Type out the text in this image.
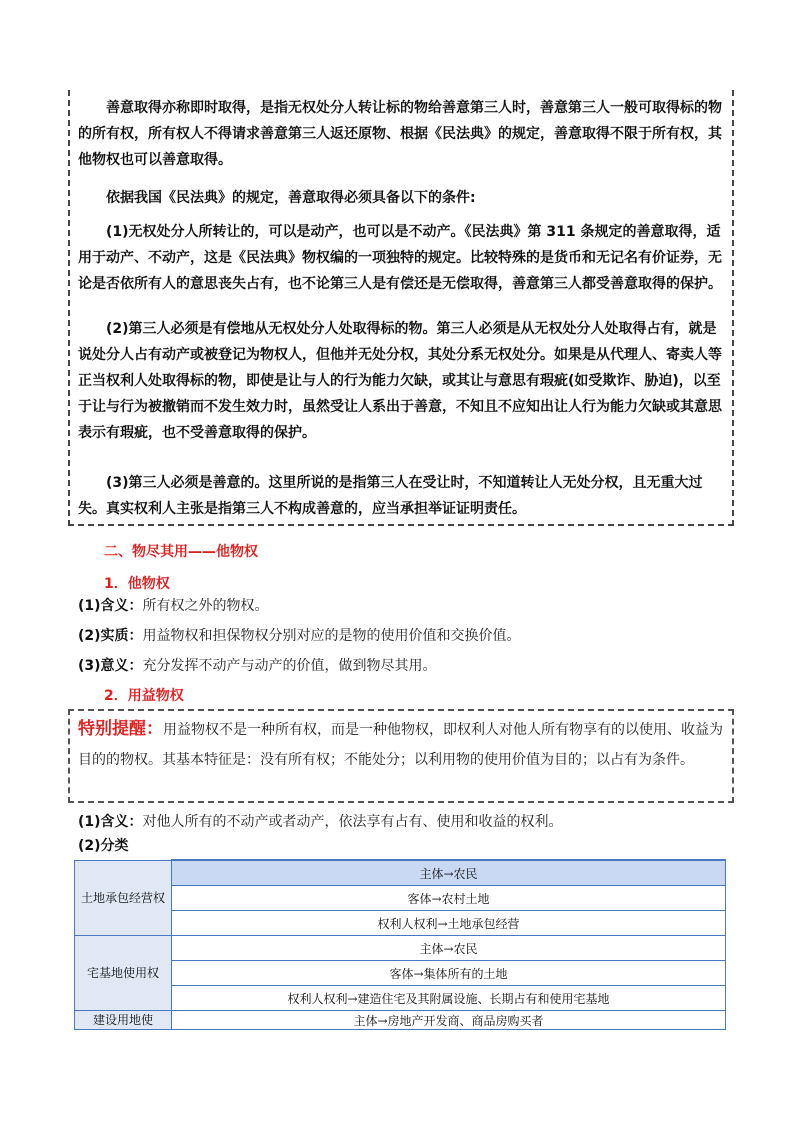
善意取得亦称即时取得，是指无权处分人转让标的物给善意第三人时，善意第三人一般可取得标的物的所有权，所有权人不得请求善意第三人返还原物、根据《民法典》的规定，善意取得不限于所有权，其他物权也可以善意取得。

依据我国《民法典》的规定，善意取得必须具备以下的条件:

(1)无权处分人所转让的，可以是动产，也可以是不动产。《民法典》第 311 条规定的善意取得，适用于动产、不动产，这是《民法典》物权编的一项独特的规定。比较特殊的是货币和无记名有价证券，无论是否依所有人的意思丧失占有，也不论第三人是有偿还是无偿取得，善意第三人都受善意取得的保护。

(2)第三人必须是有偿地从无权处分人处取得标的物。第三人必须是从无权处分人处取得占有，就是说处分人占有动产或被登记为物权人，但他并无处分权，其处分系无权处分。如果是从代理人、寄卖人等正当权利人处取得标的物，即使是让与人的行为能力欠缺，或其让与意思有瑕疵(如受欺诈、胁迫)，以至于让与行为被撤销而不发生效力时，虽然受让人系出于善意，不知且不应知出让人行为能力欠缺或其意思表示有瑕疵，也不受善意取得的保护。

(3)第三人必须是善意的。这里所说的是指第三人在受让时，不知道转让人无处分权，且无重大过失。真实权利人主张是指第三人不构成善意的，应当承担举证证明责任。

二、物尽其用——他物权
1．他物权
(1)含义：所有权之外的物权。
(2)实质：用益物权和担保物权分别对应的是物的使用价值和交换价值。
(3)意义：充分发挥不动产与动产的价值，做到物尽其用。
2．用益物权

特别提醒：用益物权不是一种所有权，而是一种他物权，即权利人对他人所有物享有的以使用、收益为目的的物权。其基本特征是：没有所有权；不能处分；以利用物的使用价值为目的；以占有为条件。

(1)含义：对他人所有的不动产或者动产，依法享有占有、使用和收益的权利。
(2)分类
土地承包经营权	主体→农民
	客体→农村土地
	权利人权利→土地承包经营
宅基地使用权	主体→农民
	客体→集体所有的土地
	权利人权利→建造住宅及其附属设施、长期占有和使用宅基地
建设用地使	主体→房地产开发商、商品房购买者
